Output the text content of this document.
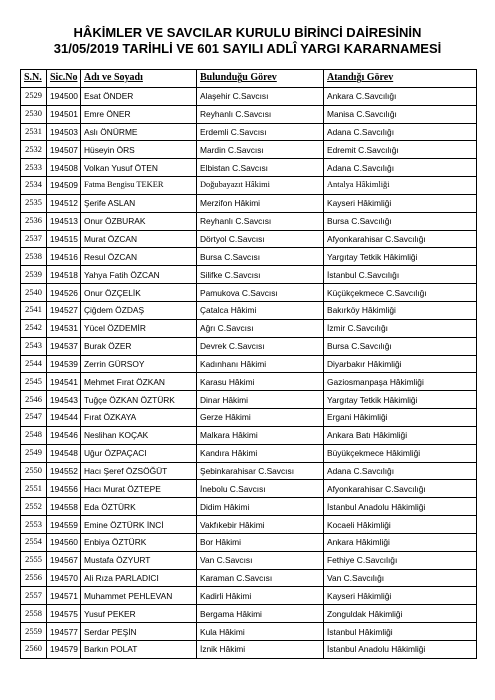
HÂKİMLER VE SAVCILAR KURULU BİRİNCİ DAİRESİNİN
31/05/2019 TARİHLİ VE 601 SAYILI ADLÎ YARGI KARARNAMESİ
S.N.	Sic.No	Adı ve Soyadı	Bulunduğu Görev	Atandığı Görev
2529	194500	Esat ÖNDER	Alaşehir C.Savcısı	Ankara C.Savcılığı
2530	194501	Emre ÖNER	Reyhanlı C.Savcısı	Manisa C.Savcılığı
2531	194503	Aslı ÖNÜRME	Erdemli C.Savcısı	Adana C.Savcılığı
2532	194507	Hüseyin ÖRS	Mardin C.Savcısı	Edremit C.Savcılığı
2533	194508	Volkan Yusuf ÖTEN	Elbistan C.Savcısı	Adana C.Savcılığı
2534	194509	Fatma Bengisu TEKER	Doğubayazıt Hâkimi	Antalya Hâkimliği
2535	194512	Şerife ASLAN	Merzifon Hâkimi	Kayseri Hâkimliği
2536	194513	Onur ÖZBURAK	Reyhanlı C.Savcısı	Bursa C.Savcılığı
2537	194515	Murat ÖZCAN	Dörtyol C.Savcısı	Afyonkarahisar C.Savcılığı
2538	194516	Resul ÖZCAN	Bursa C.Savcısı	Yargıtay Tetkik Hâkimliği
2539	194518	Yahya Fatih ÖZCAN	Silifke C.Savcısı	İstanbul C.Savcılığı
2540	194526	Onur ÖZÇELİK	Pamukova C.Savcısı	Küçükçekmece C.Savcılığı
2541	194527	Çiğdem ÖZDAŞ	Çatalca Hâkimi	Bakırköy Hâkimliği
2542	194531	Yücel ÖZDEMİR	Ağrı C.Savcısı	İzmir C.Savcılığı
2543	194537	Burak ÖZER	Devrek C.Savcısı	Bursa C.Savcılığı
2544	194539	Zerrin GÜRSOY	Kadınhanı Hâkimi	Diyarbakır Hâkimliği
2545	194541	Mehmet Fırat ÖZKAN	Karasu Hâkimi	Gaziosmanpaşa Hâkimliği
2546	194543	Tuğçe ÖZKAN ÖZTÜRK	Dinar Hâkimi	Yargıtay Tetkik Hâkimliği
2547	194544	Fırat ÖZKAYA	Gerze Hâkimi	Ergani Hâkimliği
2548	194546	Neslihan KOÇAK	Malkara Hâkimi	Ankara Batı Hâkimliği
2549	194548	Uğur ÖZPAÇACI	Kandıra Hâkimi	Büyükçekmece Hâkimliği
2550	194552	Hacı Şeref ÖZSÖĞÜT	Şebinkarahisar C.Savcısı	Adana C.Savcılığı
2551	194556	Hacı Murat ÖZTEPE	İnebolu C.Savcısı	Afyonkarahisar C.Savcılığı
2552	194558	Eda ÖZTÜRK	Didim Hâkimi	İstanbul Anadolu Hâkimliği
2553	194559	Emine ÖZTÜRK İNCİ	Vakfıkebir Hâkimi	Kocaeli Hâkimliği
2554	194560	Enbiya ÖZTÜRK	Bor Hâkimi	Ankara Hâkimliği
2555	194567	Mustafa ÖZYURT	Van C.Savcısı	Fethiye C.Savcılığı
2556	194570	Ali Rıza PARLADICI	Karaman C.Savcısı	Van C.Savcılığı
2557	194571	Muhammet PEHLEVAN	Kadirli Hâkimi	Kayseri Hâkimliği
2558	194575	Yusuf PEKER	Bergama Hâkimi	Zonguldak Hâkimliği
2559	194577	Serdar PEŞİN	Kula Hâkimi	İstanbul Hâkimliği
2560	194579	Barkın POLAT	İznik Hâkimi	İstanbul Anadolu Hâkimliği
